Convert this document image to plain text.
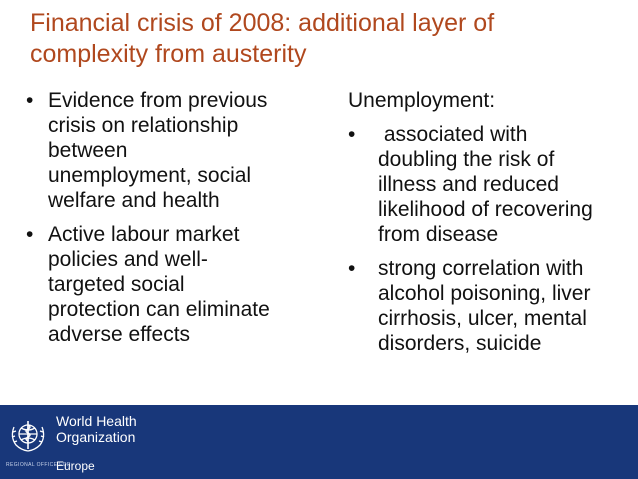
Financial crisis of 2008: additional layer of
complexity from austerity
• Evidence from previous
crisis on relationship
between
unemployment, social
welfare and health
• Active labour market
policies and well-
targeted social
protection can eliminate
adverse effects
Unemployment:
• associated with
doubling the risk of
illness and reduced
likelihood of recovering
from disease
• strong correlation with
alcohol poisoning, liver
cirrhosis, ulcer, mental
disorders, suicide
World Health
Organization
REGIONAL OFFICE FOR
Europe
